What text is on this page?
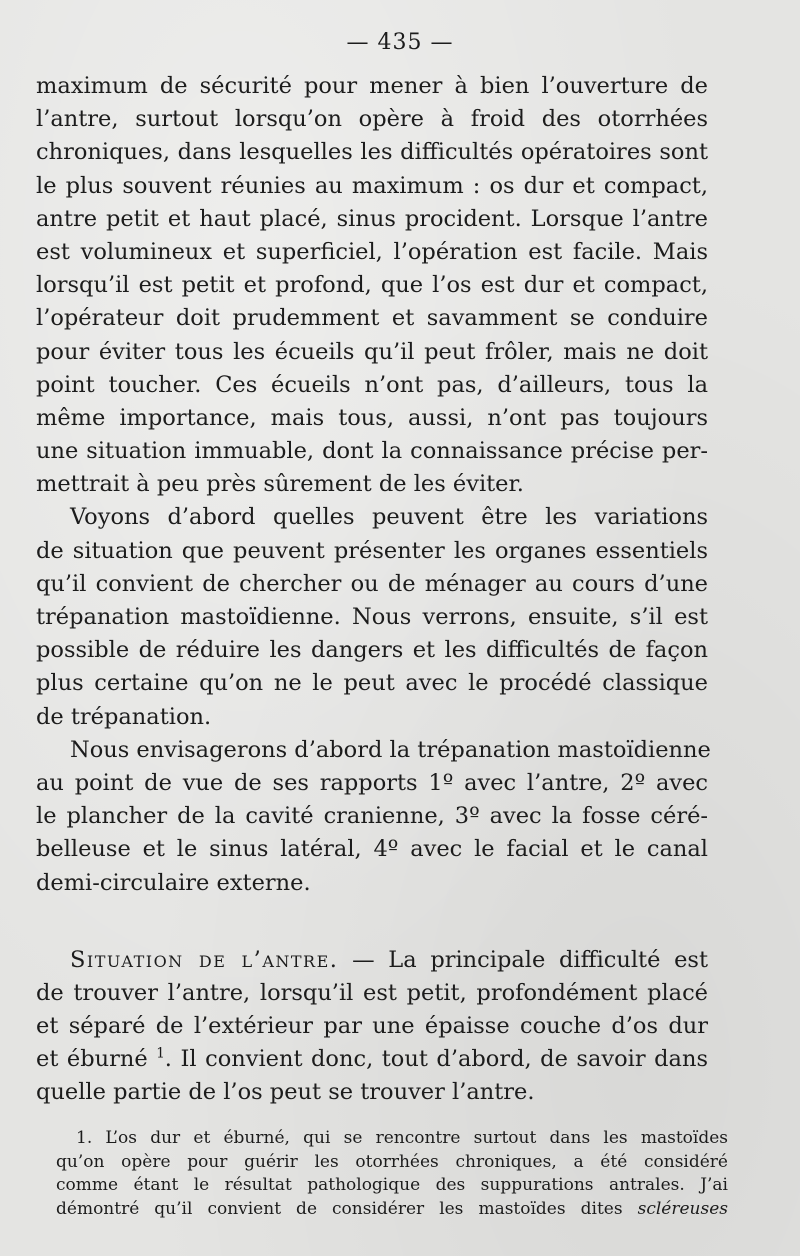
— 435 —
maximum de sécurité pour mener à bien l’ouverture de
l’antre, surtout lorsqu’on opère à froid des otorrhées
chroniques, dans lesquelles les difficultés opératoires sont
le plus souvent réunies au maximum : os dur et compact,
antre petit et haut placé, sinus procident. Lorsque l’antre
est volumineux et superficiel, l’opération est facile. Mais
lorsqu’il est petit et profond, que l’os est dur et compact,
l’opérateur doit prudemment et savamment se conduire
pour éviter tous les écueils qu’il peut frôler, mais ne doit
point toucher. Ces écueils n’ont pas, d’ailleurs, tous la
même importance, mais tous, aussi, n’ont pas toujours
une situation immuable, dont la connaissance précise per-
mettrait à peu près sûrement de les éviter.
Voyons d’abord quelles peuvent être les variations
de situation que peuvent présenter les organes essentiels
qu’il convient de chercher ou de ménager au cours d’une
trépanation mastoïdienne. Nous verrons, ensuite, s’il est
possible de réduire les dangers et les difficultés de façon
plus certaine qu’on ne le peut avec le procédé classique
de trépanation.
Nous envisagerons d’abord la trépanation mastoïdienne
au point de vue de ses rapports 1º avec l’antre, 2º avec
le plancher de la cavité cranienne, 3º avec la fosse céré-
belleuse et le sinus latéral, 4º avec le facial et le canal
demi-circulaire externe.
Situation de l’antre. — La principale difficulté est
de trouver l’antre, lorsqu’il est petit, profondément placé
et séparé de l’extérieur par une épaisse couche d’os dur
et éburné $^1$. Il convient donc, tout d’abord, de savoir dans
quelle partie de l’os peut se trouver l’antre.
1. L’os dur et éburné, qui se rencontre surtout dans les mastoïdes
qu’on opère pour guérir les otorrhées chroniques, a été considéré
comme étant le résultat pathologique des suppurations antrales. J’ai
démontré qu’il convient de considérer les mastoïdes dites scléreuses
